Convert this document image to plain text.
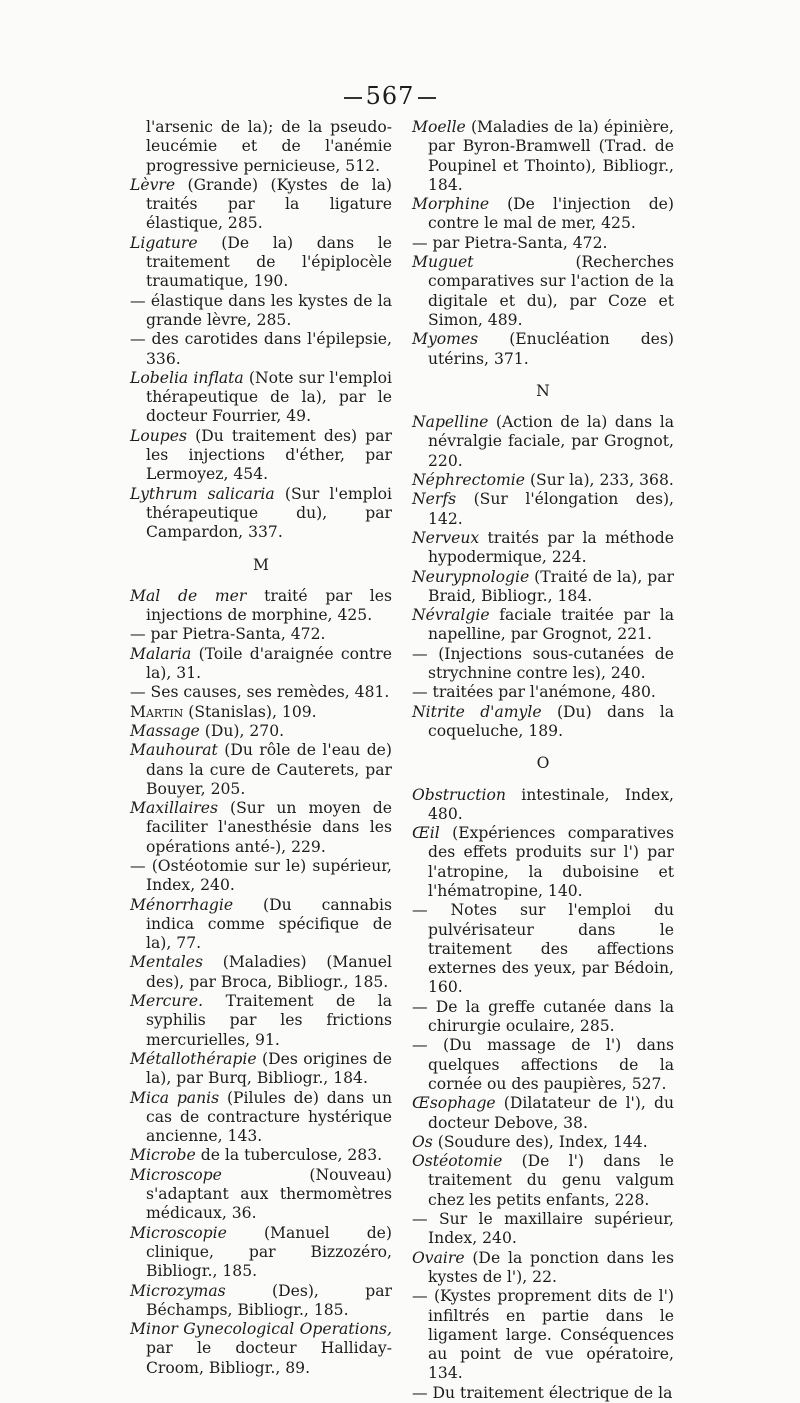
567

l'arsenic de la); de la pseudo-leucémie et de l'anémie progressive pernicieuse, 512.

Lèvre (Grande) (Kystes de la) traités par la ligature élastique, 285.

Ligature (De la) dans le traitement de l'épiplocèle traumatique, 190.

— élastique dans les kystes de la grande lèvre, 285.

— des carotides dans l'épilepsie, 336.

Lobelia inflata (Note sur l'emploi thérapeutique de la), par le docteur Fourrier, 49.

Loupes (Du traitement des) par les injections d'éther, par Lermoyez, 454.

Lythrum salicaria (Sur l'emploi thérapeutique du), par Campardon, 337.

M

Mal de mer traité par les injections de morphine, 425.

— par Pietra-Santa, 472.

Malaria (Toile d'araignée contre la), 31.

— Ses causes, ses remèdes, 481.

Martin (Stanislas), 109.

Massage (Du), 270.

Mauhourat (Du rôle de l'eau de) dans la cure de Cauterets, par Bouyer, 205.

Maxillaires (Sur un moyen de faciliter l'anesthésie dans les opérations anté-), 229.

— (Ostéotomie sur le) supérieur, Index, 240.

Ménorrhagie (Du cannabis indica comme spécifique de la), 77.

Mentales (Maladies) (Manuel des), par Broca, Bibliogr., 185.

Mercure. Traitement de la syphilis par les frictions mercurielles, 91.

Métallothérapie (Des origines de la), par Burq, Bibliogr., 184.

Mica panis (Pilules de) dans un cas de contracture hystérique ancienne, 143.

Microbe de la tuberculose, 283.

Microscope (Nouveau) s'adaptant aux thermomètres médicaux, 36.

Microscopie (Manuel de) clinique, par Bizzozéro, Bibliogr., 185.

Microzymas (Des), par Béchamps, Bibliogr., 185.

Minor Gynecological Operations, par le docteur Halliday-Croom, Bibliogr., 89.

Moelle (Maladies de la) épinière, par Byron-Bramwell (Trad. de Poupinel et Thointo), Bibliogr., 184.

Morphine (De l'injection de) contre le mal de mer, 425.

— par Pietra-Santa, 472.

Muguet (Recherches comparatives sur l'action de la digitale et du), par Coze et Simon, 489.

Myomes (Enucléation des) utérins, 371.

N

Napelline (Action de la) dans la névralgie faciale, par Grognot, 220.

Néphrectomie (Sur la), 233, 368.

Nerfs (Sur l'élongation des), 142.

Nerveux traités par la méthode hypodermique, 224.

Neurypnologie (Traité de la), par Braid, Bibliogr., 184.

Névralgie faciale traitée par la napelline, par Grognot, 221.

— (Injections sous-cutanées de strychnine contre les), 240.

— traitées par l'anémone, 480.

Nitrite d'amyle (Du) dans la coqueluche, 189.

O

Obstruction intestinale, Index, 480.

Œil (Expériences comparatives des effets produits sur l') par l'atropine, la duboisine et l'hématropine, 140.

— Notes sur l'emploi du pulvérisateur dans le traitement des affections externes des yeux, par Bédoin, 160.

— De la greffe cutanée dans la chirurgie oculaire, 285.

— (Du massage de l') dans quelques affections de la cornée ou des paupières, 527.

Œsophage (Dilatateur de l'), du docteur Debove, 38.

Os (Soudure des), Index, 144.

Ostéotomie (De l') dans le traitement du genu valgum chez les petits enfants, 228.

— Sur le maxillaire supérieur, Index, 240.

Ovaire (De la ponction dans les kystes de l'), 22.

— (Kystes proprement dits de l') infiltrés en partie dans le ligament large. Conséquences au point de vue opératoire, 134.

— Du traitement électrique de la
